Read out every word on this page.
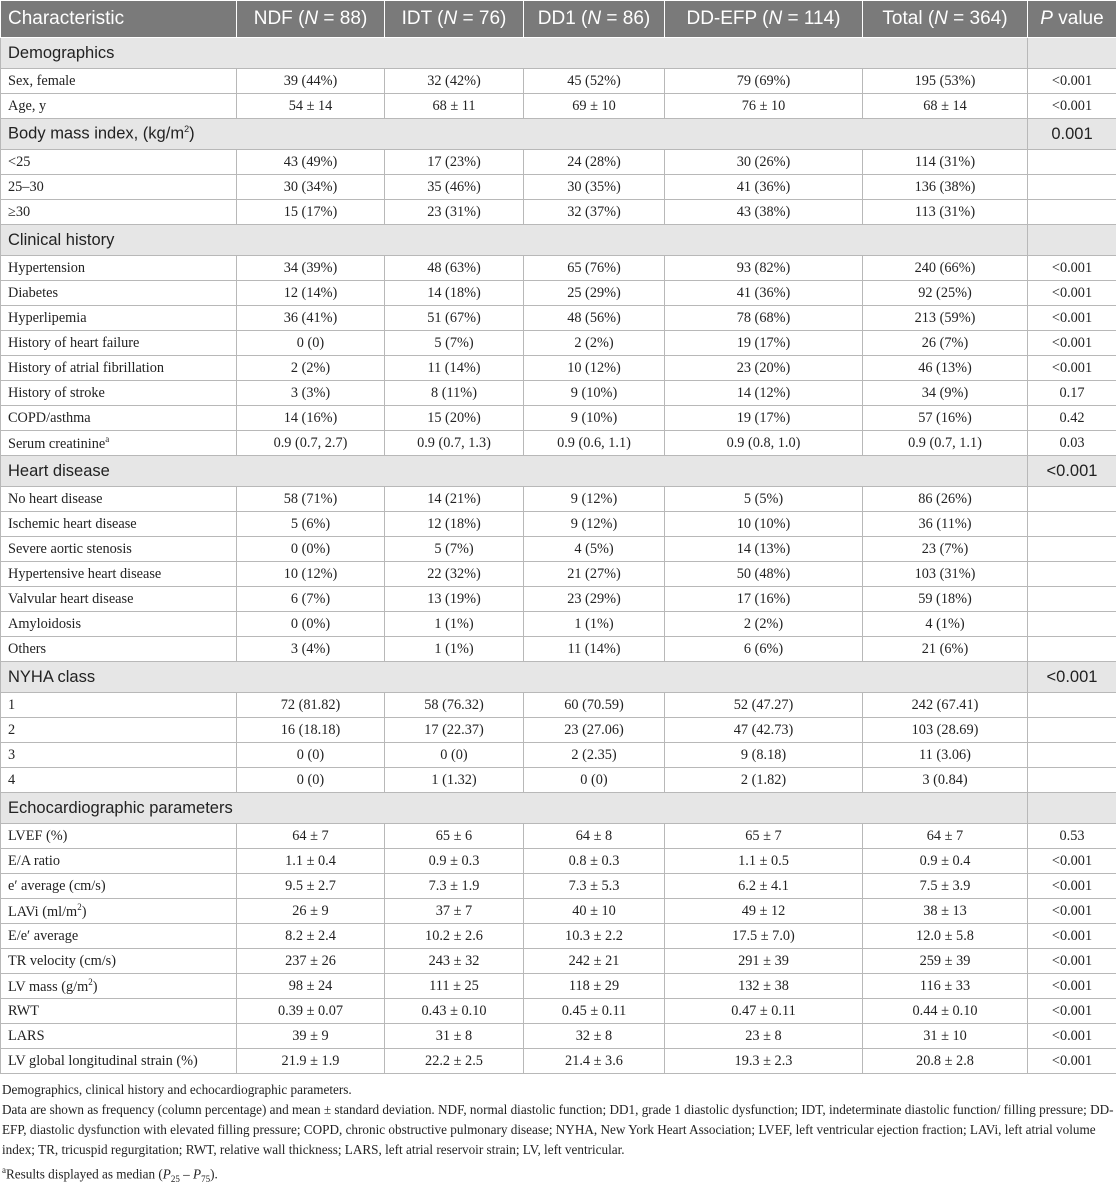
Characteristic	NDF (N = 88)	IDT (N = 76)	DD1 (N = 86)	DD-EFP (N = 114)	Total (N = 364)	P value
Demographics						
Sex, female	39 (44%)	32 (42%)	45 (52%)	79 (69%)	195 (53%)	<0.001
Age, y	54 ± 14	68 ± 11	69 ± 10	76 ± 10	68 ± 14	<0.001
Body mass index, $(kg/m^2)$						0.001
<25	43 (49%)	17 (23%)	24 (28%)	30 (26%)	114 (31%)	
25–30	30 (34%)	35 (46%)	30 (35%)	41 (36%)	136 (38%)	
≥30	15 (17%)	23 (31%)	32 (37%)	43 (38%)	113 (31%)	
Clinical history						
Hypertension	34 (39%)	48 (63%)	65 (76%)	93 (82%)	240 (66%)	<0.001
Diabetes	12 (14%)	14 (18%)	25 (29%)	41 (36%)	92 (25%)	<0.001
Hyperlipemia	36 (41%)	51 (67%)	48 (56%)	78 (68%)	213 (59%)	<0.001
History of heart failure	0 (0)	5 (7%)	2 (2%)	19 (17%)	26 (7%)	<0.001
History of atrial fibrillation	2 (2%)	11 (14%)	10 (12%)	23 (20%)	46 (13%)	<0.001
History of stroke	3 (3%)	8 (11%)	9 (10%)	14 (12%)	34 (9%)	0.17
COPD/asthma	14 (16%)	15 (20%)	9 (10%)	19 (17%)	57 (16%)	0.42
Serum creatinine$^a$	0.9 (0.7, 2.7)	0.9 (0.7, 1.3)	0.9 (0.6, 1.1)	0.9 (0.8, 1.0)	0.9 (0.7, 1.1)	0.03
Heart disease						<0.001
No heart disease	58 (71%)	14 (21%)	9 (12%)	5 (5%)	86 (26%)	
Ischemic heart disease	5 (6%)	12 (18%)	9 (12%)	10 (10%)	36 (11%)	
Severe aortic stenosis	0 (0%)	5 (7%)	4 (5%)	14 (13%)	23 (7%)	
Hypertensive heart disease	10 (12%)	22 (32%)	21 (27%)	50 (48%)	103 (31%)	
Valvular heart disease	6 (7%)	13 (19%)	23 (29%)	17 (16%)	59 (18%)	
Amyloidosis	0 (0%)	1 (1%)	1 (1%)	2 (2%)	4 (1%)	
Others	3 (4%)	1 (1%)	11 (14%)	6 (6%)	21 (6%)	
NYHA class						<0.001
1	72 (81.82)	58 (76.32)	60 (70.59)	52 (47.27)	242 (67.41)	
2	16 (18.18)	17 (22.37)	23 (27.06)	47 (42.73)	103 (28.69)	
3	0 (0)	0 (0)	2 (2.35)	9 (8.18)	11 (3.06)	
4	0 (0)	1 (1.32)	0 (0)	2 (1.82)	3 (0.84)	
Echocardiographic parameters						
LVEF (%)	64 ± 7	65 ± 6	64 ± 8	65 ± 7	64 ± 7	0.53
E/A ratio	1.1 ± 0.4	0.9 ± 0.3	0.8 ± 0.3	1.1 ± 0.5	0.9 ± 0.4	<0.001
e′ average (cm/s)	9.5 ± 2.7	7.3 ± 1.9	7.3 ± 5.3	6.2 ± 4.1	7.5 ± 3.9	<0.001
LAVi $(ml/m^2)$	26 ± 9	37 ± 7	40 ± 10	49 ± 12	38 ± 13	<0.001
E/e′ average	8.2 ± 2.4	10.2 ± 2.6	10.3 ± 2.2	17.5 ± 7.0)	12.0 ± 5.8	<0.001
TR velocity (cm/s)	237 ± 26	243 ± 32	242 ± 21	291 ± 39	259 ± 39	<0.001
LV mass $(g/m^2)$	98 ± 24	111 ± 25	118 ± 29	132 ± 38	116 ± 33	<0.001
RWT	0.39 ± 0.07	0.43 ± 0.10	0.45 ± 0.11	0.47 ± 0.11	0.44 ± 0.10	<0.001
LARS	39 ± 9	31 ± 8	32 ± 8	23 ± 8	31 ± 10	<0.001
LV global longitudinal strain (%)	21.9 ± 1.9	22.2 ± 2.5	21.4 ± 3.6	19.3 ± 2.3	20.8 ± 2.8	<0.001

Demographics, clinical history and echocardiographic parameters.

Data are shown as frequency (column percentage) and mean ± standard deviation. NDF, normal diastolic function; DD1, grade 1 diastolic dysfunction; IDT, indeterminate diastolic function/ filling pressure; DD-EFP, diastolic dysfunction with elevated filling pressure; COPD, chronic obstructive pulmonary disease; NYHA, New York Heart Association; LVEF, left ventricular ejection fraction; LAVi, left atrial volume index; TR, tricuspid regurgitation; RWT, relative wall thickness; LARS, left atrial reservoir strain; LV, left ventricular.

$^a$Results displayed as median $(P_{25} - P_{75})$.
